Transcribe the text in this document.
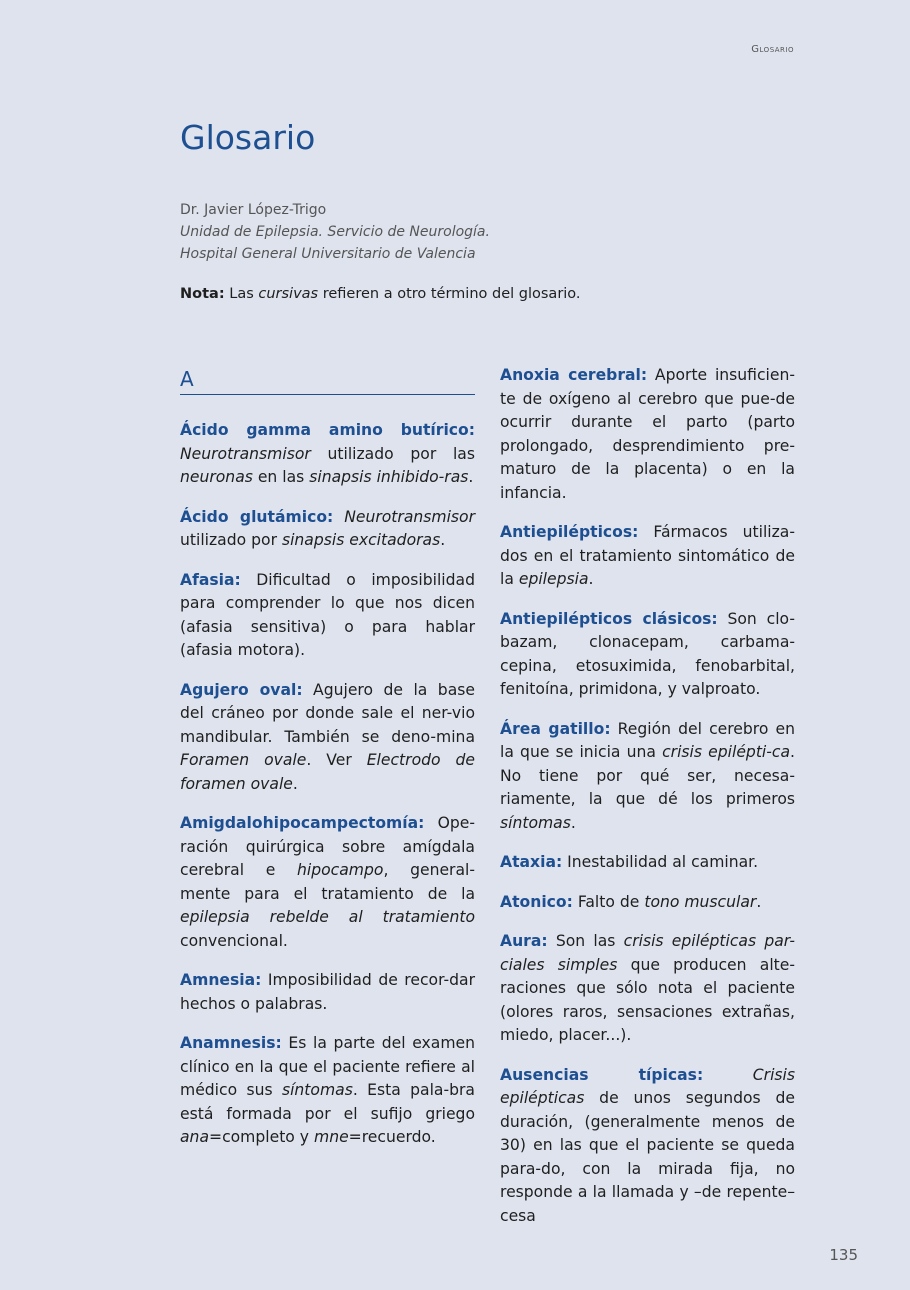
Glosario
Glosario
Dr. Javier López-Trigo
Unidad de Epilepsia. Servicio de Neurología.
Hospital General Universitario de Valencia
Nota: Las cursivas refieren a otro término del glosario.
A

Ácido gamma amino butírico: Neurotransmisor utilizado por las neuronas en las sinapsis inhibido-ras.

Ácido glutámico: Neurotransmisor utilizado por sinapsis excitadoras.

Afasia: Dificultad o imposibilidad para comprender lo que nos dicen (afasia sensitiva) o para hablar (afasia motora).

Agujero oval: Agujero de la base del cráneo por donde sale el ner-vio mandibular. También se deno-mina Foramen ovale. Ver Electrodo de foramen ovale.

Amigdalohipocampectomía: Ope-ración quirúrgica sobre amígdala cerebral e hipocampo, general-mente para el tratamiento de la epilepsia rebelde al tratamiento convencional.

Amnesia: Imposibilidad de recor-dar hechos o palabras.

Anamnesis: Es la parte del examen clínico en la que el paciente refiere al médico sus síntomas. Esta pala-bra está formada por el sufijo griego ana=completo y mne=recuerdo.

Anoxia cerebral: Aporte insuficien-te de oxígeno al cerebro que pue-de ocurrir durante el parto (parto prolongado, desprendimiento pre-maturo de la placenta) o en la infancia.

Antiepilépticos: Fármacos utiliza-dos en el tratamiento sintomático de la epilepsia.

Antiepilépticos clásicos: Son clo-bazam, clonacepam, carbama-cepina, etosuximida, fenobarbital, fenitoína, primidona, y valproato.

Área gatillo: Región del cerebro en la que se inicia una crisis epilépti-ca. No tiene por qué ser, necesa-riamente, la que dé los primeros síntomas.

Ataxia: Inestabilidad al caminar.

Atonico: Falto de tono muscular.

Aura: Son las crisis epilépticas par-ciales simples que producen alte-raciones que sólo nota el paciente (olores raros, sensaciones extrañas, miedo, placer...).

Ausencias típicas:	Crisis epilépticas de unos segundos de duración, (generalmente menos de 30) en las que el paciente se queda para-do, con la mirada fija, no responde a la llamada y –de repente– cesa

135
